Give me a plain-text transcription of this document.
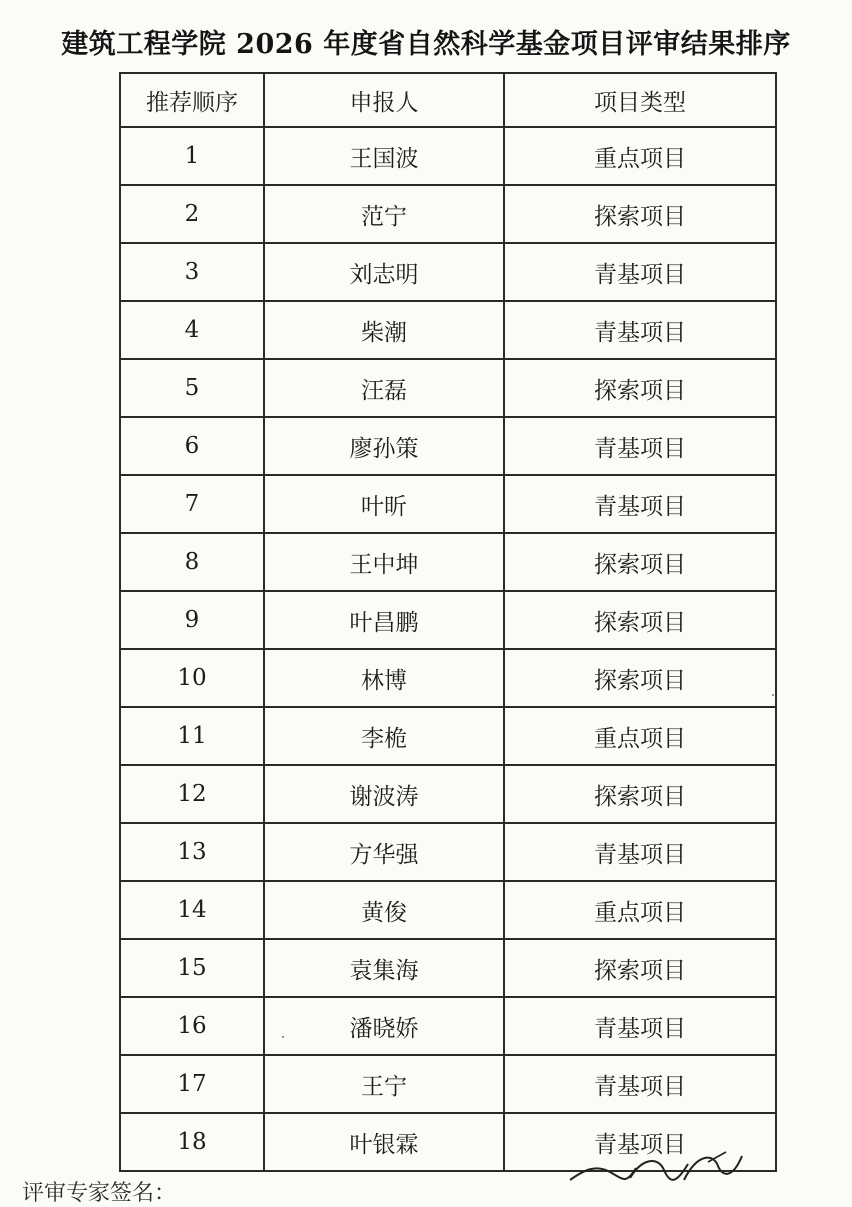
建筑工程学院 2026 年度省自然科学基金项目评审结果排序
推荐顺序	申报人	项目类型
1	王国波	重点项目
2	范宁	探索项目
3	刘志明	青基项目
4	柴潮	青基项目
5	汪磊	探索项目
6	廖孙策	青基项目
7	叶昕	青基项目
8	王中坤	探索项目
9	叶昌鹏	探索项目
10	林博	探索项目
11	李桅	重点项目
12	谢波涛	探索项目
13	方华强	青基项目
14	黄俊	重点项目
15	袁集海	探索项目
16	潘晓娇	青基项目
17	王宁	青基项目
18	叶银霖	青基项目
评审专家签名：
